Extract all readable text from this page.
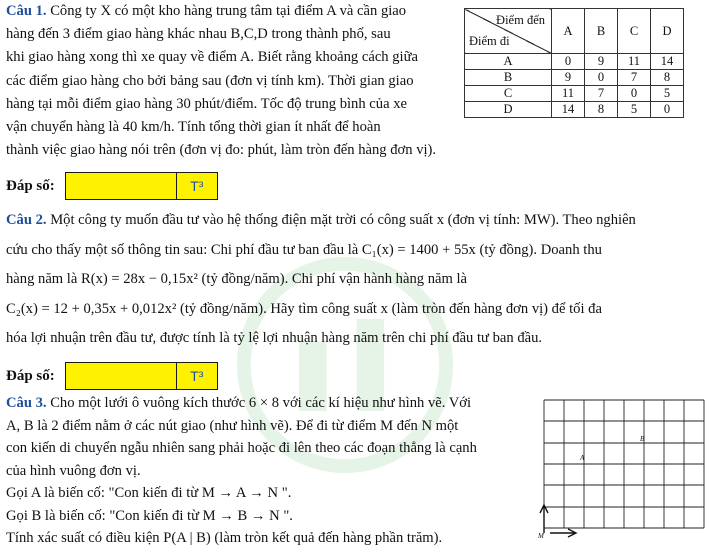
Câu 1. Công ty X có một kho hàng trung tâm tại điểm A và cần giao

hàng đến 3 điểm giao hàng khác nhau B,C,D trong thành phố, sau

khi giao hàng xong thì xe quay về điểm A. Biết rằng khoảng cách giữa

các điểm giao hàng cho bởi bảng sau (đơn vị tính km). Thời gian giao

hàng tại mỗi điểm giao hàng 30 phút/điểm. Tốc độ trung bình của xe

vận chuyển hàng là 40 km/h. Tính tổng thời gian ít nhất để hoàn

thành việc giao hàng nói trên (đơn vị đo: phút, làm tròn đến hàng đơn vị).

Điểm đến
Điểm đi	A	B	C	D
A	0	9	11	14
B	9	0	7	8
C	11	7	0	5
D	14	8	5	0
Đáp số:	T³

Câu 2. Một công ty muốn đầu tư vào hệ thống điện mặt trời có công suất x (đơn vị tính: MW). Theo nghiên

cứu cho thấy một số thông tin sau: Chi phí đầu tư ban đầu là C₁(x) = 1400 + 55x (tỷ đồng). Doanh thu

hàng năm là R(x) = 28x − 0,15x² (tỷ đồng/năm). Chi phí vận hành hàng năm là

C₂(x) = 12 + 0,35x + 0,012x² (tỷ đồng/năm). Hãy tìm công suất x (làm tròn đến hàng đơn vị) để tối đa

hóa lợi nhuận trên đầu tư, được tính là tỷ lệ lợi nhuận hàng năm trên chi phí đầu tư ban đầu.

Đáp số:	T³

Câu 3. Cho một lưới ô vuông kích thước 6 × 8 với các kí hiệu như hình vẽ. Với

A, B là 2 điểm nằm ở các nút giao (như hình vẽ). Để đi từ điểm M đến N một

con kiến di chuyển ngẫu nhiên sang phải hoặc đi lên theo các đoạn thẳng là cạnh

của hình vuông đơn vị.

Gọi A là biến cố: "Con kiến đi từ M → A → N ".

Gọi B là biến cố: "Con kiến đi từ M → B → N ".

Tính xác suất có điều kiện P(A | B) (làm tròn kết quả đến hàng phần trăm).	M
A
B
